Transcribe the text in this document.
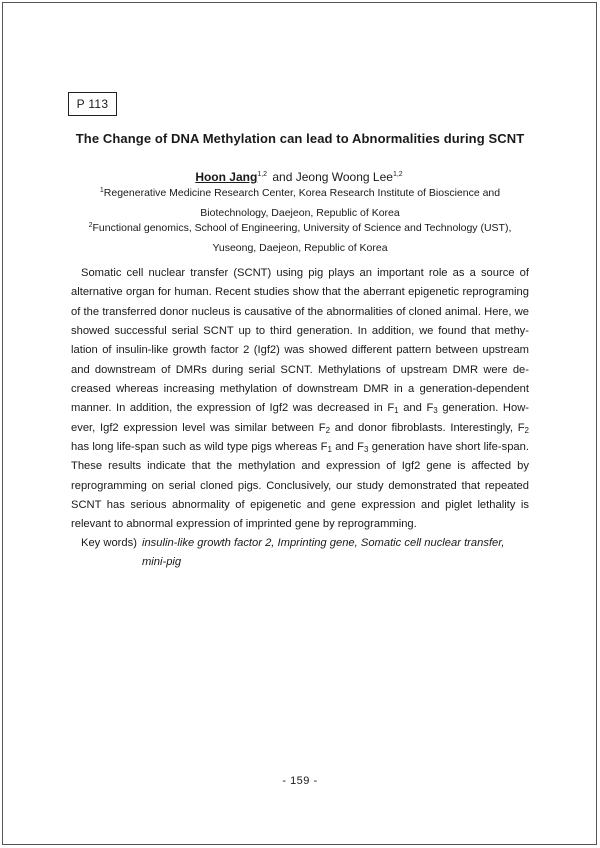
P 113
The Change of DNA Methylation can lead to Abnormalities during SCNT
Hoon Jang$^{1,2}$ and Jeong Woong Lee$^{1,2}$
$^1$Regenerative Medicine Research Center, Korea Research Institute of Bioscience and
Biotechnology, Daejeon, Republic of Korea
$^2$Functional genomics, School of Engineering, University of Science and Technology (UST),
Yuseong, Daejeon, Republic of Korea

Somatic cell nuclear transfer (SCNT) using pig plays an important role as a source of alternative organ for human. Recent studies show that the aberrant epigenetic reprograming of the transferred donor nucleus is causative of the abnormalities of cloned animal. Here, we showed successful serial SCNT up to third generation. In addition, we found that methy-lation of insulin-like growth factor 2 (Igf2) was showed different pattern between upstream and downstream of DMRs during serial SCNT. Methylations of upstream DMR were de-creased whereas increasing methylation of downstream DMR in a generation-dependent manner. In addition, the expression of Igf2 was decreased in $F_1$ and $F_3$ generation. How-ever, Igf2 expression level was similar between $F_2$ and donor fibroblasts. Interestingly, $F_2$ has long life-span such as wild type pigs whereas $F_1$ and $F_3$ generation have short life-span. These results indicate that the methylation and expression of Igf2 gene is affected by reprogramming on serial cloned pigs. Conclusively, our study demonstrated that repeated SCNT has serious abnormality of epigenetic and gene expression and piglet lethality is relevant to abnormal expression of imprinted gene by reprogramming.

Key words) insulin-like growth factor 2, Imprinting gene, Somatic cell nuclear transfer, mini-pig
- 159 -
